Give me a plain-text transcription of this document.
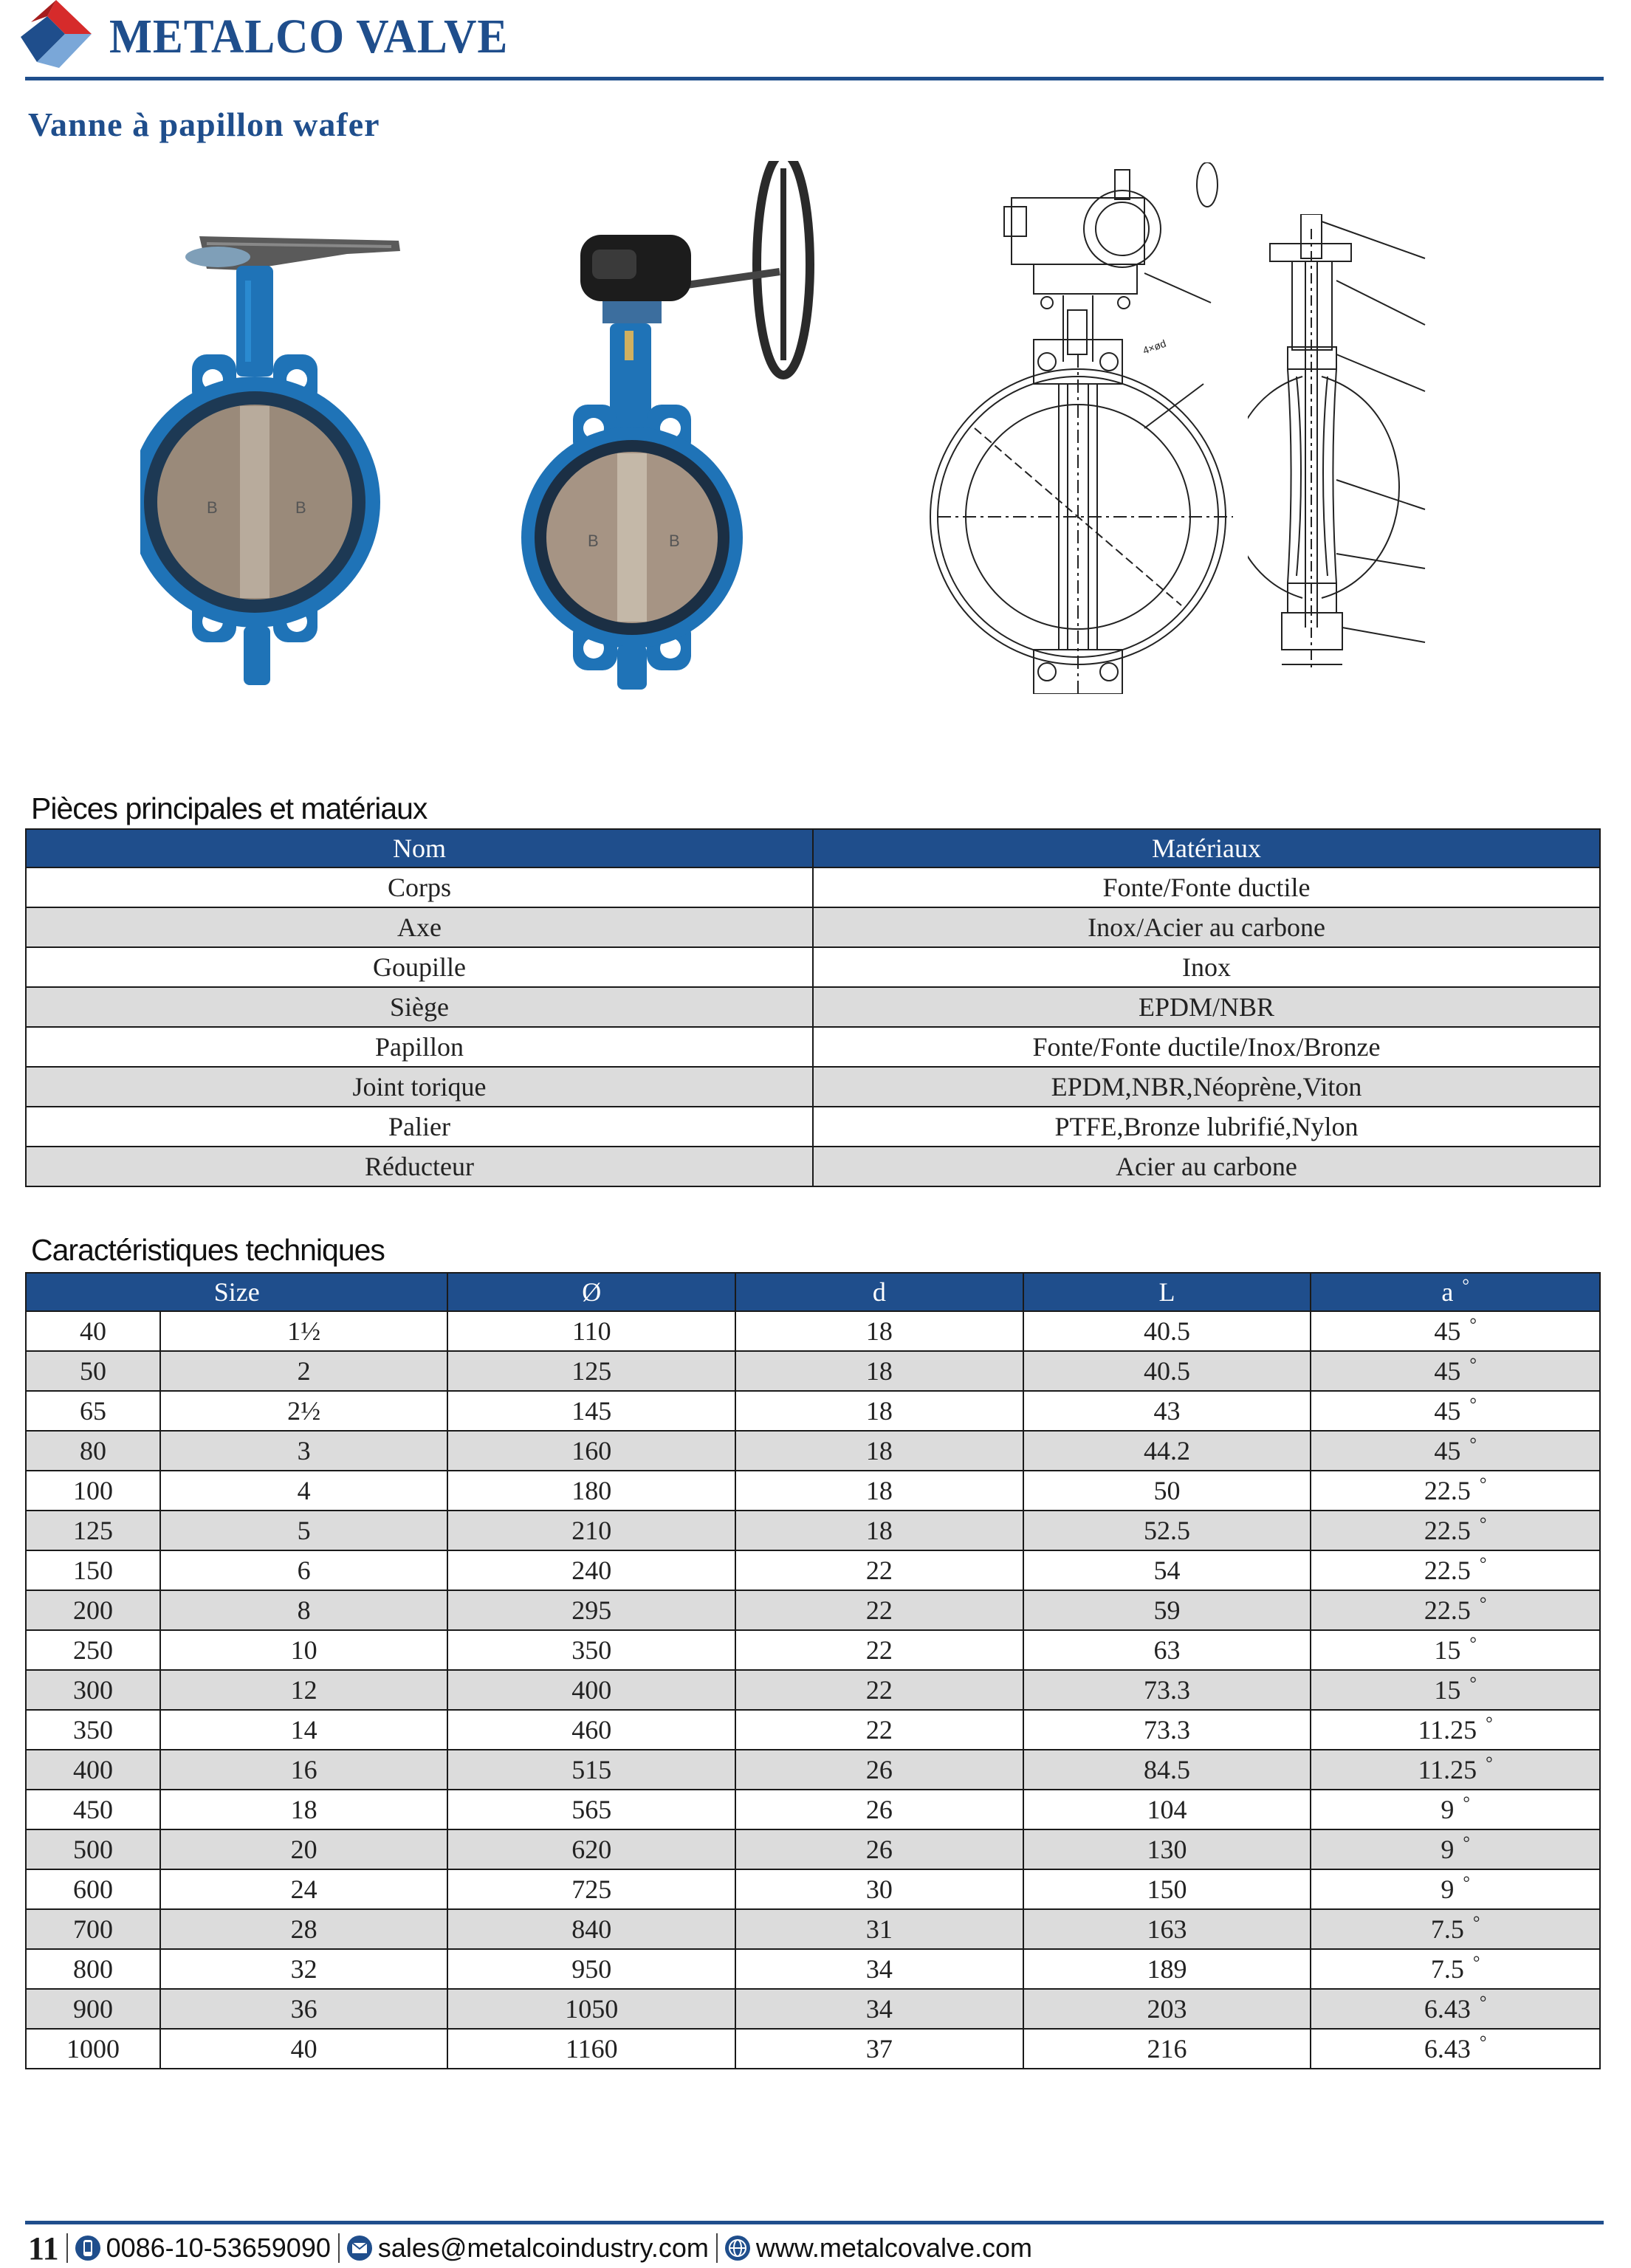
METALCO VALVE
Vanne à papillon wafer
B	B
B	B
4×ød
Pièces principales et matériaux
Nom	Matériaux
Corps	Fonte/Fonte ductile
Axe	Inox/Acier au carbone
Goupille	Inox
Siège	EPDM/NBR
Papillon	Fonte/Fonte ductile/Inox/Bronze
Joint torique	EPDM,NBR,Néoprène,Viton
Palier	PTFE,Bronze lubrifié,Nylon
Réducteur	Acier au carbone
Caractéristiques techniques
Size		Ø	d	L	a °
40	1½	110	18	40.5	45 °
50	2	125	18	40.5	45 °
65	2½	145	18	43	45 °
80	3	160	18	44.2	45 °
100	4	180	18	50	22.5 °
125	5	210	18	52.5	22.5 °
150	6	240	22	54	22.5 °
200	8	295	22	59	22.5 °
250	10	350	22	63	15 °
300	12	400	22	73.3	15 °
350	14	460	22	73.3	11.25 °
400	16	515	26	84.5	11.25 °
450	18	565	26	104	9 °
500	20	620	26	130	9 °
600	24	725	30	150	9 °
700	28	840	31	163	7.5 °
800	32	950	34	189	7.5 °
900	36	1050	34	203	6.43 °
1000	40	1160	37	216	6.43 °
11 0086-10-53659090 sales@metalcoindustry.com www.metalcovalve.com
